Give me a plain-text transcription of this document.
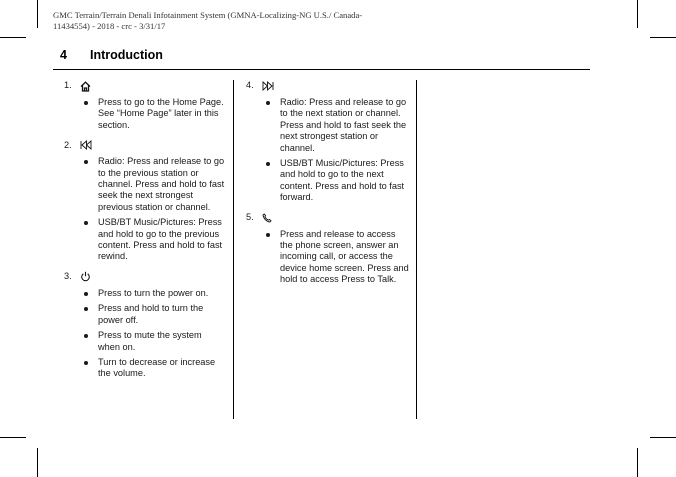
GMC Terrain/Terrain Denali Infotainment System (GMNA-Localizing-NG U.S./ Canada-11434554) - 2018 - crc - 3/31/17
4 Introduction
1.
Press to go to the Home Page. See “Home Page” later in this section.
2.
Radio: Press and release to go to the previous station or channel. Press and hold to fast seek the next strongest previous station or channel.
USB/BT Music/Pictures: Press and hold to go to the previous content. Press and hold to fast rewind.
3.
Press to turn the power on.
Press and hold to turn the power off.
Press to mute the system when on.
Turn to decrease or increase the volume.
4.
Radio: Press and release to go to the next station or channel. Press and hold to fast seek the next strongest station or channel.
USB/BT Music/Pictures: Press and hold to go to the next content. Press and hold to fast forward.
5.
Press and release to access the phone screen, answer an incoming call, or access the device home screen. Press and hold to access Press to Talk.
